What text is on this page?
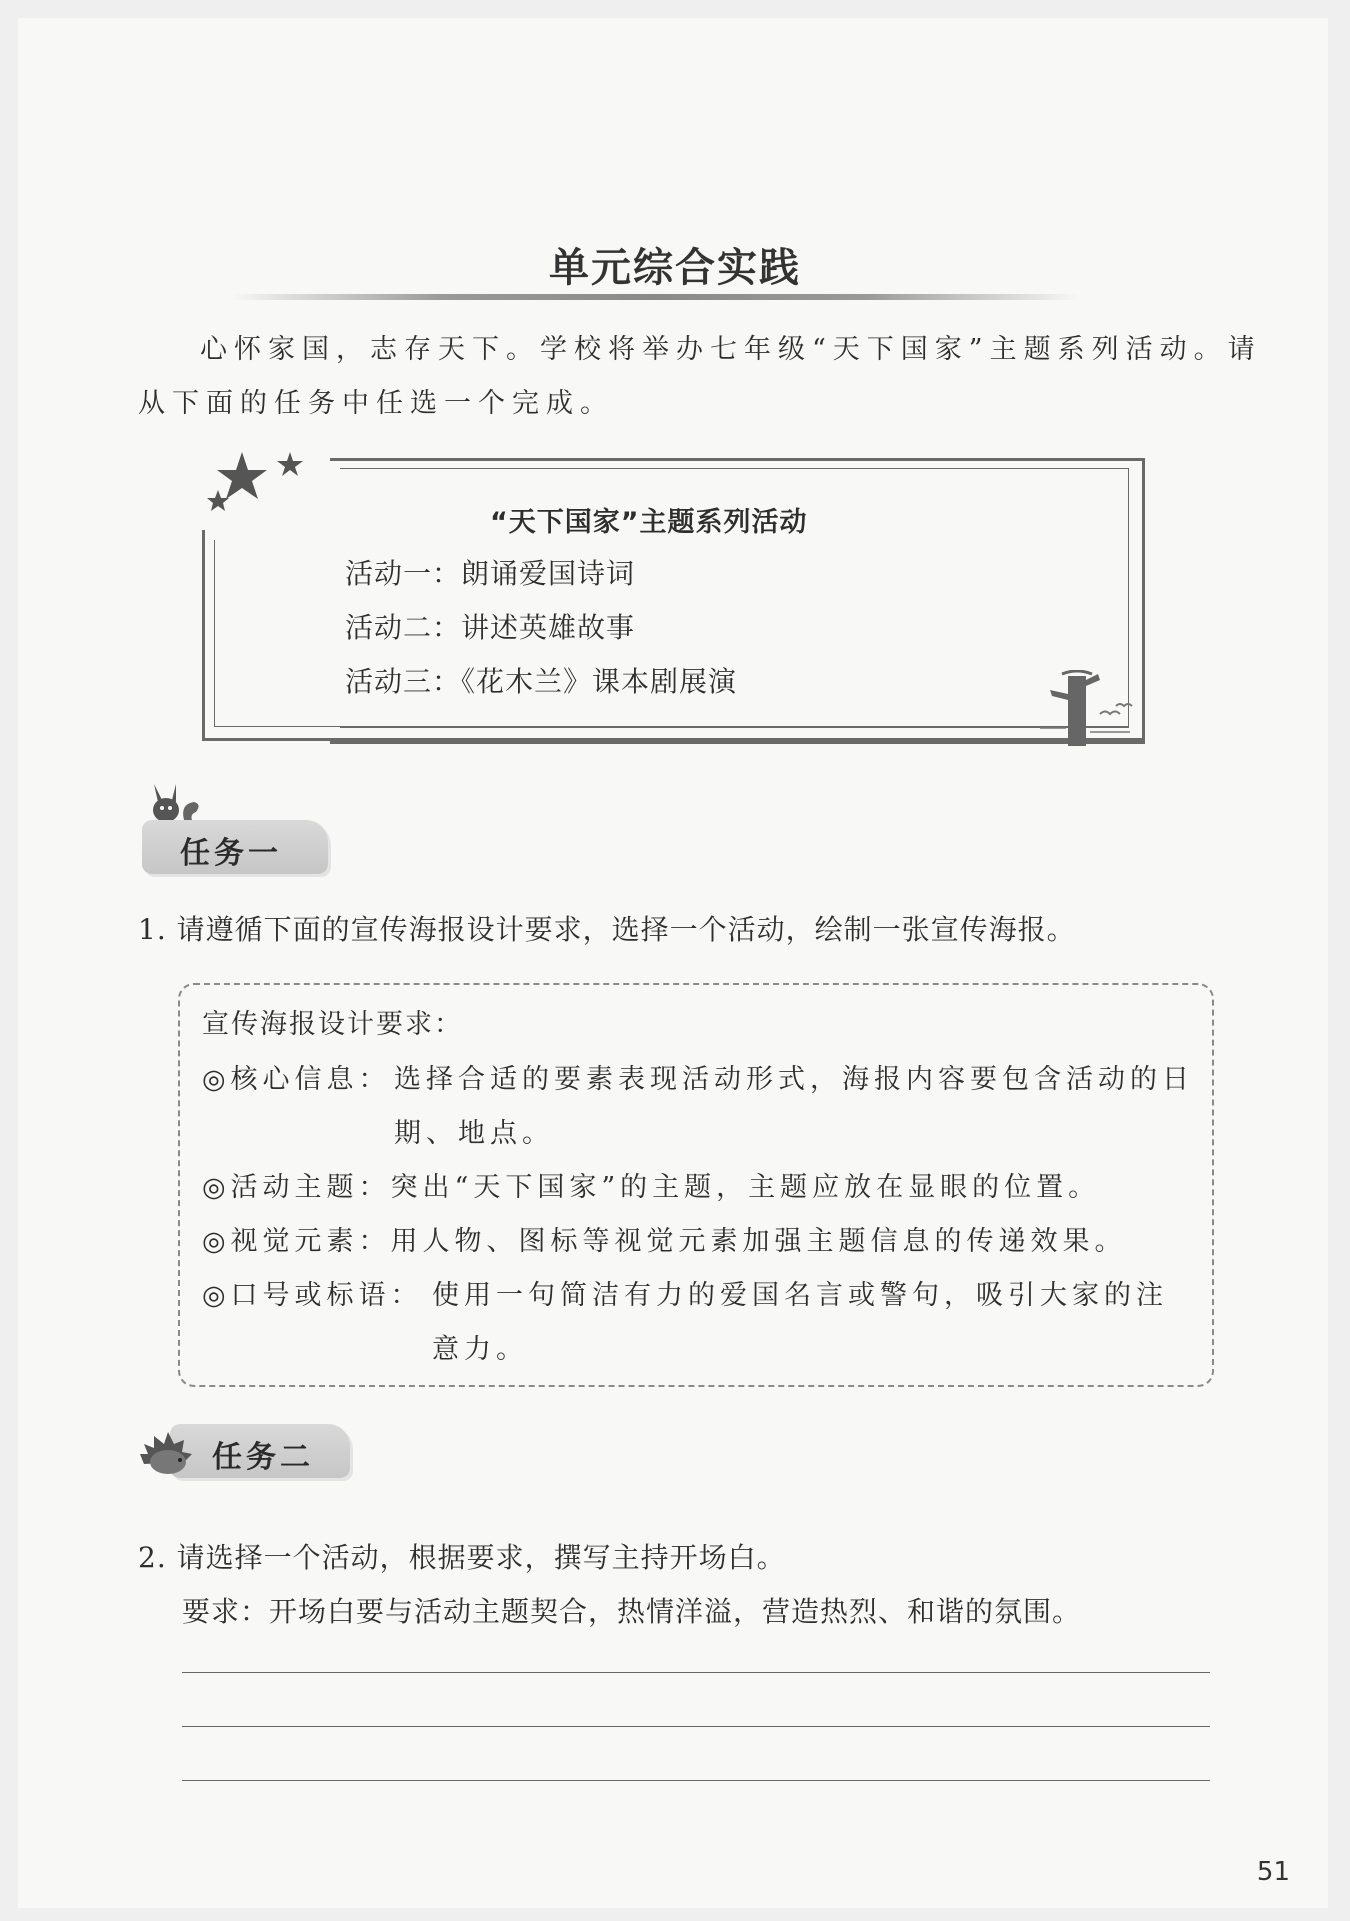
单元综合实践
心怀家国，志存天下。学校将举办七年级“天下国家”主题系列活动。请
从下面的任务中任选一个完成。
“天下国家”主题系列活动
活动一：朗诵爱国诗词
活动二：讲述英雄故事
活动三：《花木兰》课本剧展演
任务一
1. 请遵循下面的宣传海报设计要求，选择一个活动，绘制一张宣传海报。
宣传海报设计要求：
◎核心信息： 选择合适的要素表现活动形式，海报内容要包含活动的日
期、地点。
◎活动主题：突出“天下国家”的主题，主题应放在显眼的位置。
◎视觉元素：用人物、图标等视觉元素加强主题信息的传递效果。
◎口号或标语： 使用一句简洁有力的爱国名言或警句，吸引大家的注
意力。
任务二
2. 请选择一个活动，根据要求，撰写主持开场白。
要求：开场白要与活动主题契合，热情洋溢，营造热烈、和谐的氛围。
51
